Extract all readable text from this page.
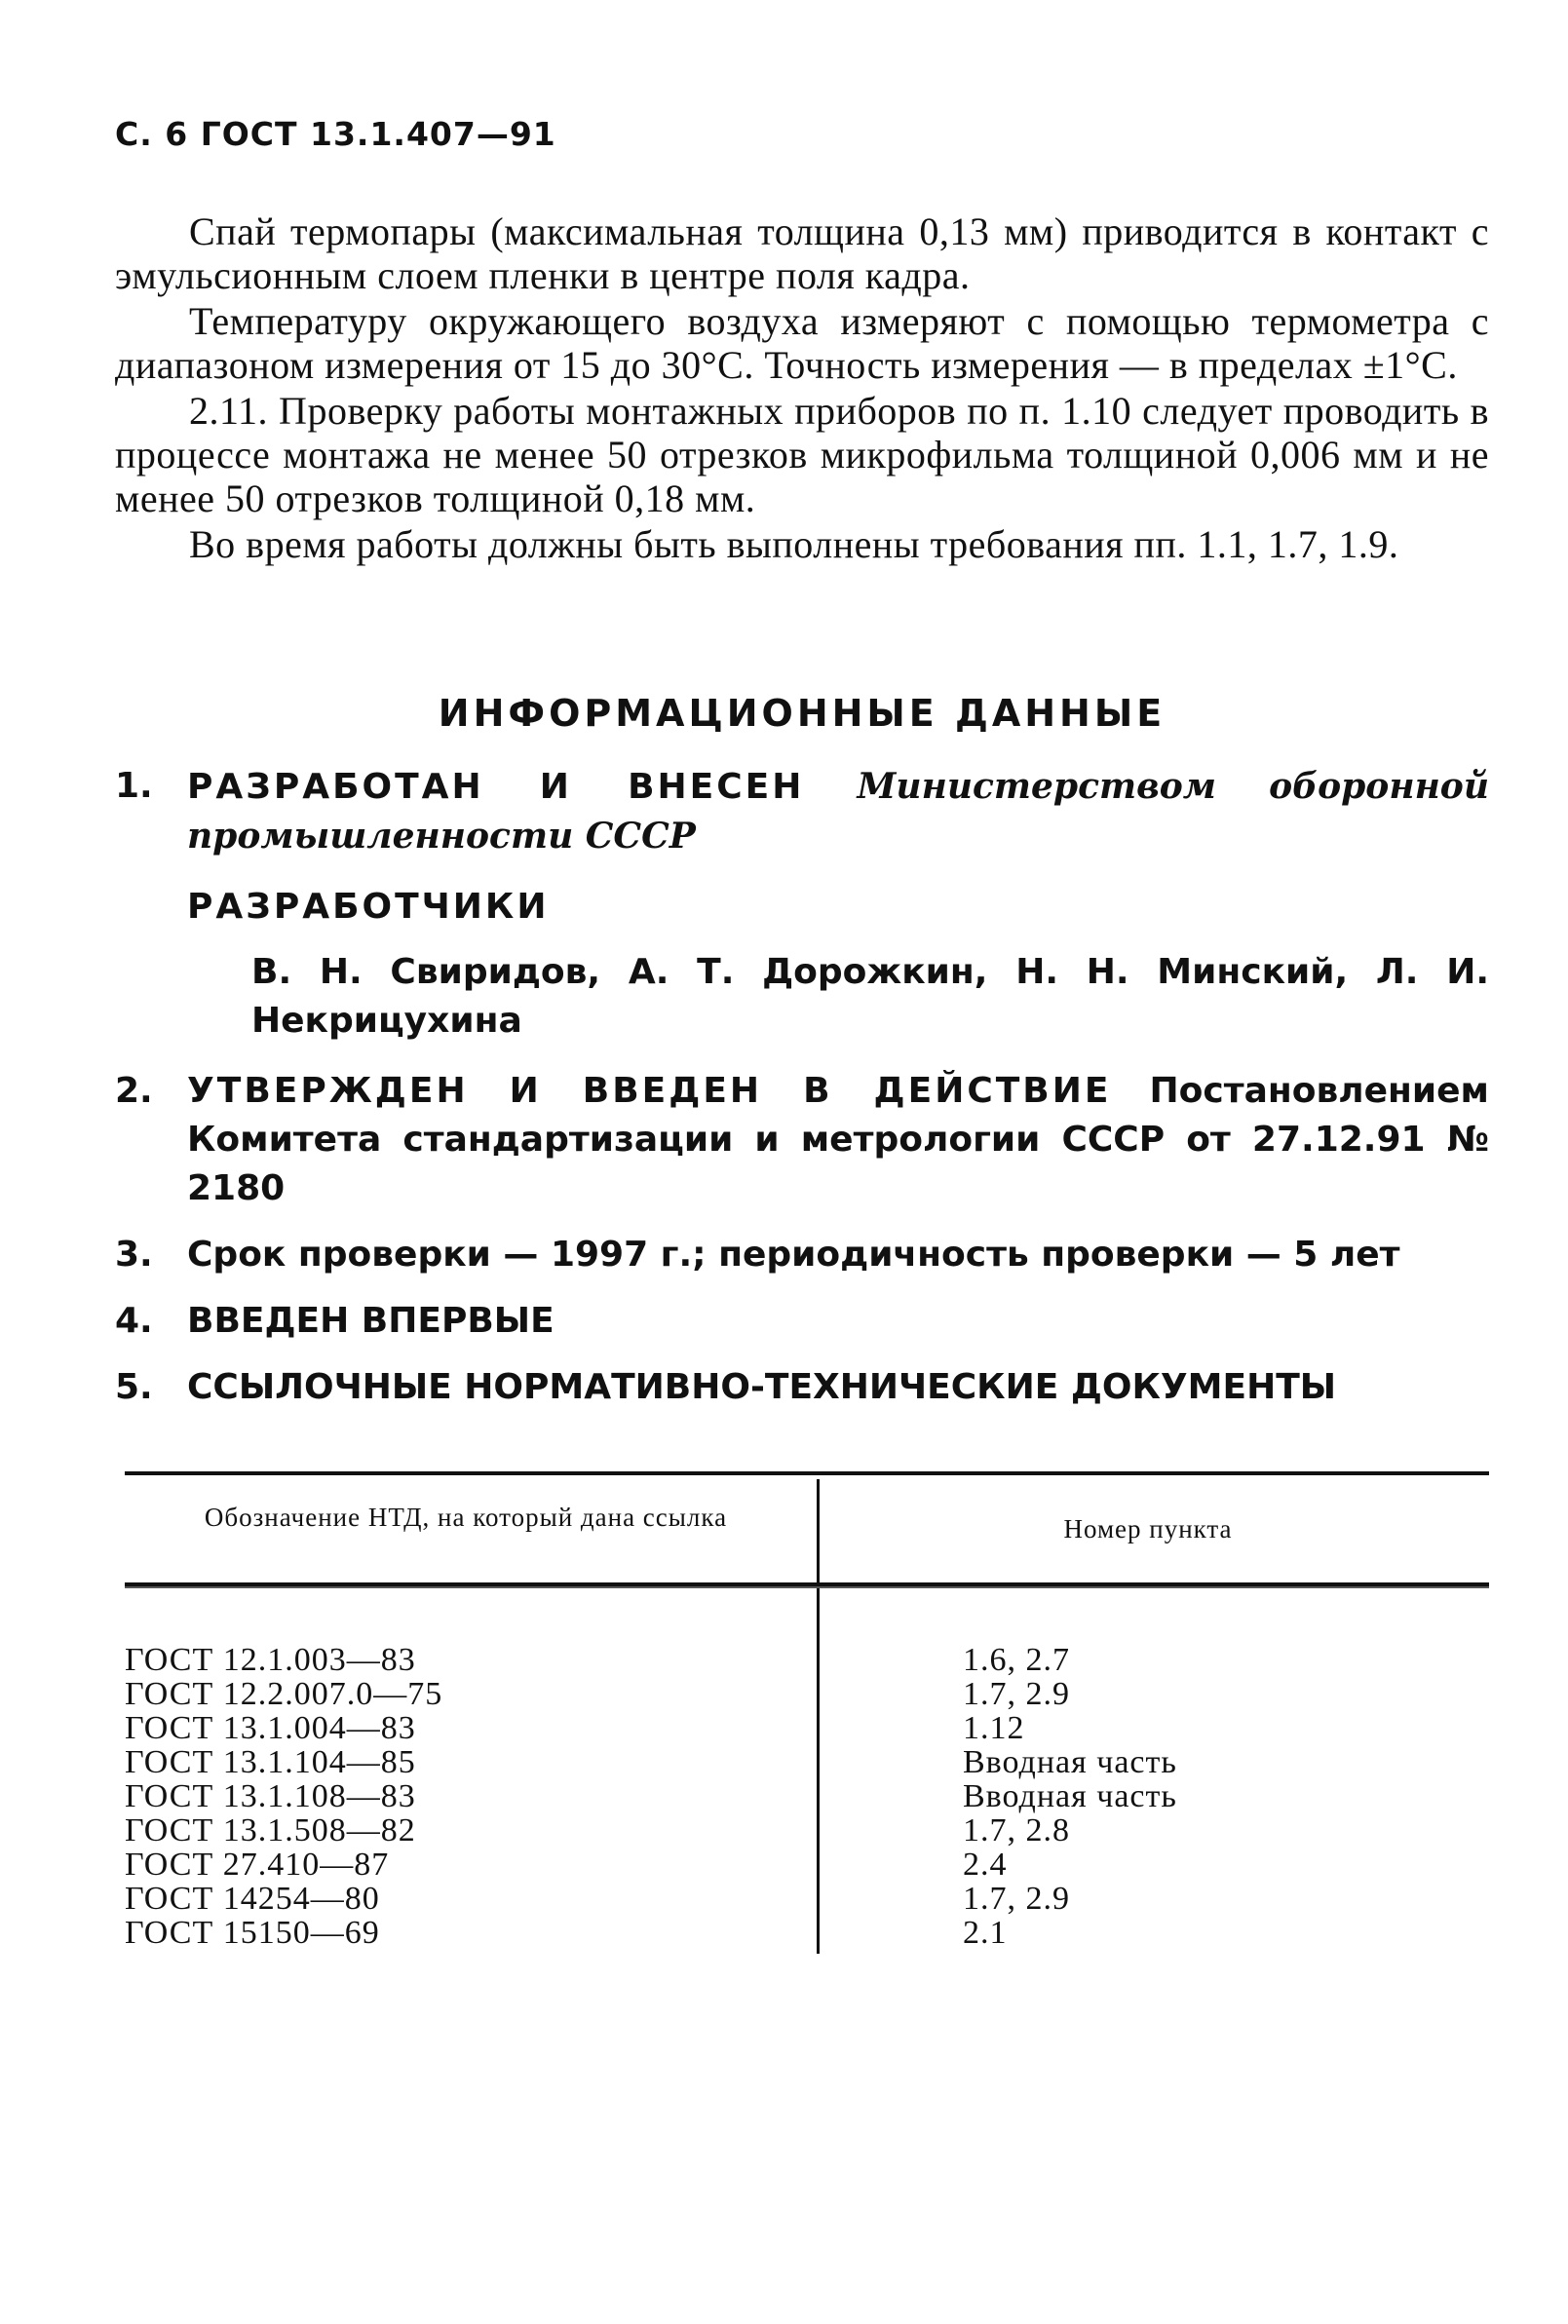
С. 6 ГОСТ 13.1.407—91

Спай термопары (максимальная толщина 0,13 мм) приводится в контакт с эмульсионным слоем пленки в центре поля кадра.

Температуру окружающего воздуха измеряют с помощью термометра с диапазоном измерения от 15 до 30°С. Точность измерения — в пределах ±1°С.

2.11. Проверку работы монтажных приборов по п. 1.10 следует проводить в процессе монтажа не менее 50 отрезков микрофильма толщиной 0,006 мм и не менее 50 отрезков толщиной 0,18 мм.

Во время работы должны быть выполнены требования пп. 1.1, 1.7, 1.9.

ИНФОРМАЦИОННЫЕ ДАННЫЕ
1. РАЗРАБОТАН И ВНЕСЕН Министерством оборонной промышленности СССР
РАЗРАБОТЧИКИ
В. Н. Свиридов, А. Т. Дорожкин, Н. Н. Минский, Л. И. Некрицухина
2. УТВЕРЖДЕН И ВВЕДЕН В ДЕЙСТВИЕ Постановлением Комитета стандартизации и метрологии СССР от 27.12.91 № 2180
3. Срок проверки — 1997 г.; периодичность проверки — 5 лет
4. ВВЕДЕН ВПЕРВЫЕ
5. ССЫЛОЧНЫЕ НОРМАТИВНО-ТЕХНИЧЕСКИЕ ДОКУМЕНТЫ
Обозначение НТД, на который дана ссылка	Номер пункта
ГОСТ 12.1.003—83	1.6, 2.7
ГОСТ 12.2.007.0—75	1.7, 2.9
ГОСТ 13.1.004—83	1.12
ГОСТ 13.1.104—85	Вводная часть
ГОСТ 13.1.108—83	Вводная часть
ГОСТ 13.1.508—82	1.7, 2.8
ГОСТ 27.410—87	2.4
ГОСТ 14254—80	1.7, 2.9
ГОСТ 15150—69	2.1
